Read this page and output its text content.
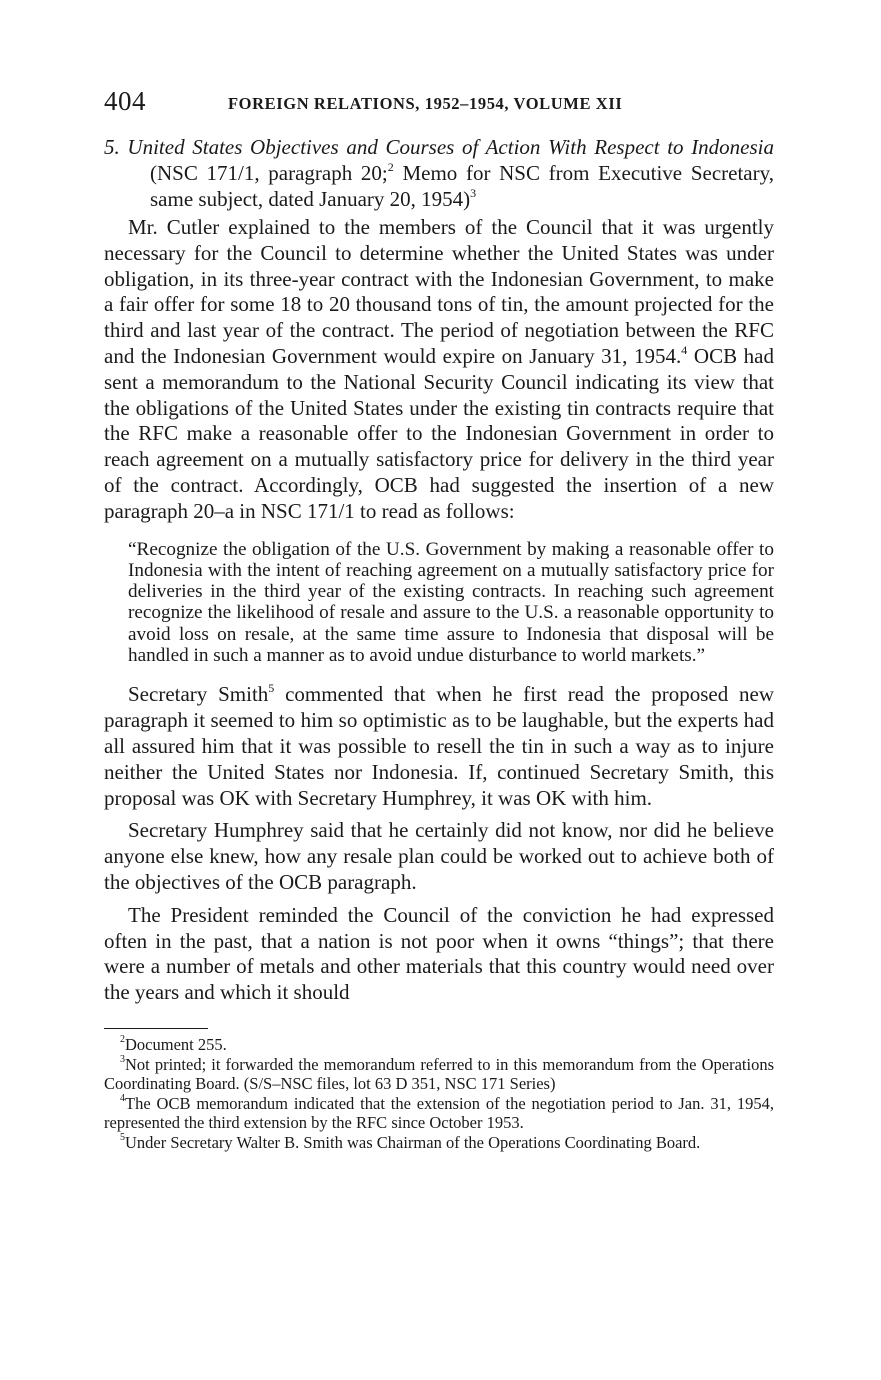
404	FOREIGN RELATIONS, 1952–1954, VOLUME XII
5. United States Objectives and Courses of Action With Respect to Indonesia (NSC 171/1, paragraph 20;$^2$ Memo for NSC from Executive Secretary, same subject, dated January 20, 1954)$^3$

Mr. Cutler explained to the members of the Council that it was urgently necessary for the Council to determine whether the United States was under obligation, in its three-year contract with the Indonesian Government, to make a fair offer for some 18 to 20 thousand tons of tin, the amount projected for the third and last year of the contract. The period of negotiation between the RFC and the Indonesian Government would expire on January 31, 1954.$^4$ OCB had sent a memorandum to the National Security Council indicating its view that the obligations of the United States under the existing tin contracts require that the RFC make a reasonable offer to the Indonesian Government in order to reach agreement on a mutually satisfactory price for delivery in the third year of the contract. Accordingly, OCB had suggested the insertion of a new paragraph 20–a in NSC 171/1 to read as follows:

“Recognize the obligation of the U.S. Government by making a reasonable offer to Indonesia with the intent of reaching agreement on a mutually satisfactory price for deliveries in the third year of the existing contracts. In reaching such agreement recognize the likelihood of resale and assure to the U.S. a reasonable opportunity to avoid loss on resale, at the same time assure to Indonesia that disposal will be handled in such a manner as to avoid undue disturbance to world markets.”

Secretary Smith$^5$ commented that when he first read the proposed new paragraph it seemed to him so optimistic as to be laughable, but the experts had all assured him that it was possible to resell the tin in such a way as to injure neither the United States nor Indonesia. If, continued Secretary Smith, this proposal was OK with Secretary Humphrey, it was OK with him.

Secretary Humphrey said that he certainly did not know, nor did he believe anyone else knew, how any resale plan could be worked out to achieve both of the objectives of the OCB paragraph.

The President reminded the Council of the conviction he had expressed often in the past, that a nation is not poor when it owns “things”; that there were a number of metals and other materials that this country would need over the years and which it should

$^2$Document 255.

$^3$Not printed; it forwarded the memorandum referred to in this memorandum from the Operations Coordinating Board. (S/S–NSC files, lot 63 D 351, NSC 171 Series)

$^4$The OCB memorandum indicated that the extension of the negotiation period to Jan. 31, 1954, represented the third extension by the RFC since October 1953.

$^5$Under Secretary Walter B. Smith was Chairman of the Operations Coordinating Board.
